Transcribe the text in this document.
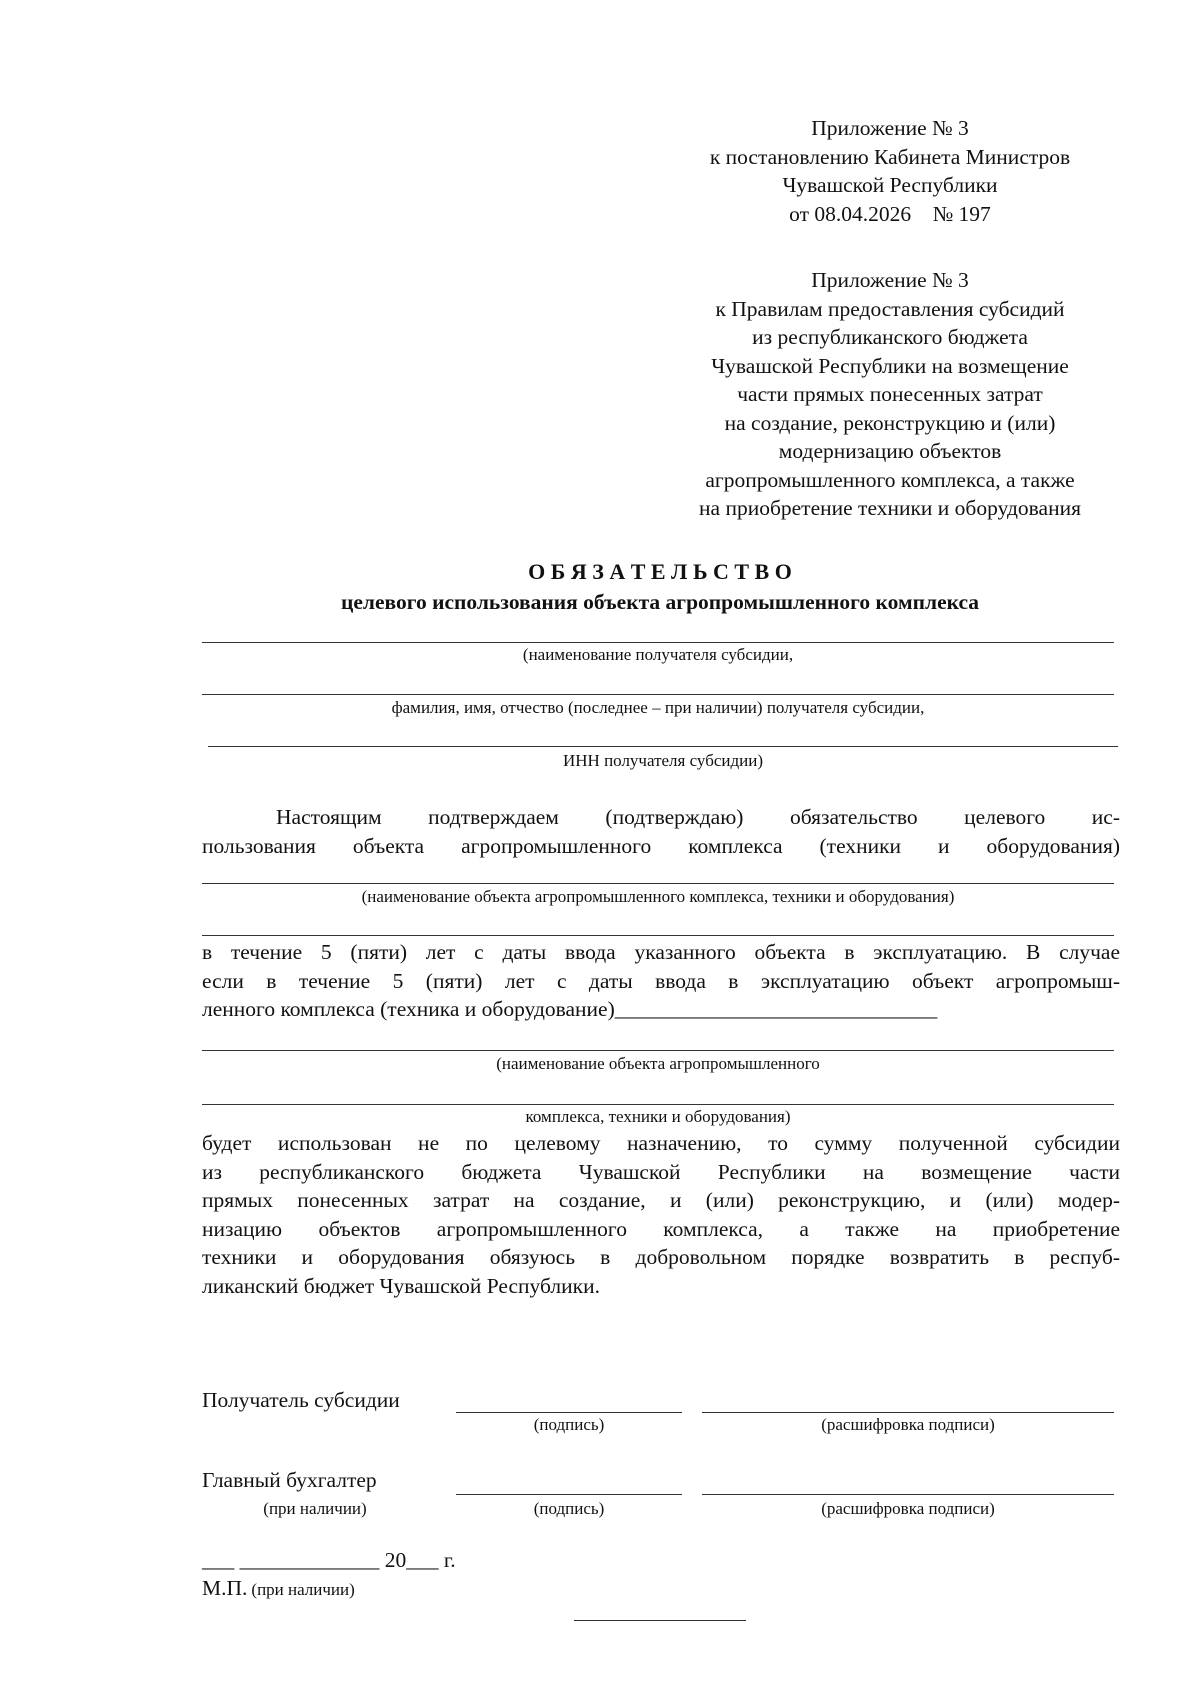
Приложение № 3
к постановлению Кабинета Министров
Чувашской Республики
от 08.04.2026    № 197
Приложение № 3
к Правилам предоставления субсидий
из республиканского бюджета
Чувашской Республики на возмещение
части прямых понесенных затрат
на создание, реконструкцию и (или)
модернизацию объектов
агропромышленного комплекса, а также
на приобретение техники и оборудования
О Б Я З А Т Е Л Ь С Т В О
целевого использования объекта агропромышленного комплекса
(наименование получателя субсидии,
фамилия, имя, отчество (последнее – при наличии) получателя субсидии,
ИНН получателя субсидии)
Настоящим подтверждаем (подтверждаю) обязательство целевого ис-
пользования объекта агропромышленного комплекса (техники и оборудования)
(наименование объекта агропромышленного комплекса, техники и оборудования)
в течение 5 (пяти) лет с даты ввода указанного объекта в эксплуатацию. В случае
если в течение 5 (пяти) лет с даты ввода в эксплуатацию объект агропромыш-
ленного комплекса (техника и оборудование)______________________________
(наименование объекта агропромышленного
комплекса, техники и оборудования)
будет использован не по целевому назначению, то сумму полученной субсидии
из республиканского бюджета Чувашской Республики на возмещение части
прямых понесенных затрат на создание, и (или) реконструкцию, и (или) модер-
низацию объектов агропромышленного комплекса, а также на приобретение
техники и оборудования обязуюсь в добровольном порядке возвратить в респуб-
ликанский бюджет Чувашской Республики.
Получатель субсидии
(подпись)	(расшифровка подписи)
Главный бухгалтер
(при наличии)	(подпись)	(расшифровка подписи)
___ _____________ 20___ г.
М.П. (при наличии)
